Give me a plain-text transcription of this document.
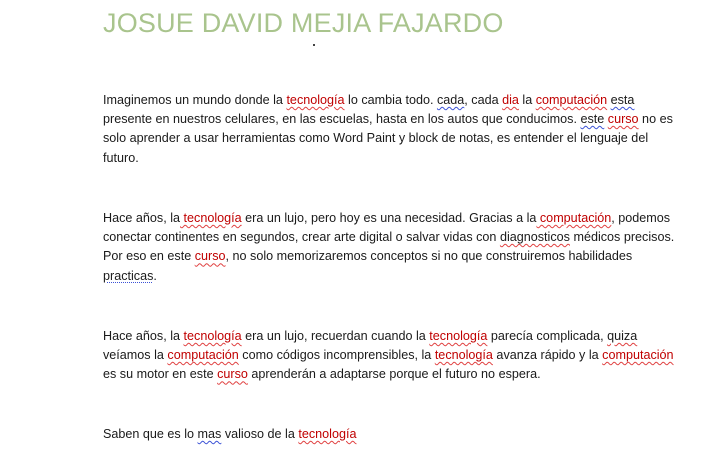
JOSUE DAVID MEJIA FAJARDO

Imaginemos un mundo donde la tecnología lo cambia todo. cada, cada dia la computación esta presente en nuestros celulares, en las escuelas, hasta en los autos que conducimos. este curso no es solo aprender a usar herramientas como Word Paint y block de notas, es entender el lenguaje del futuro.

Hace años, la tecnología era un lujo, pero hoy es una necesidad. Gracias a la computación, podemos conectar continentes en segundos, crear arte digital o salvar vidas con diagnosticos médicos precisos. Por eso en este curso, no solo memorizaremos conceptos si no que construiremos habilidades practicas.

Hace años, la tecnología era un lujo, recuerdan cuando la tecnología parecía complicada, quiza veíamos la computación como códigos incomprensibles, la tecnología avanza rápido y la computación es su motor en este curso aprenderán a adaptarse porque el futuro no espera.

Saben que es lo mas valioso de la tecnología
